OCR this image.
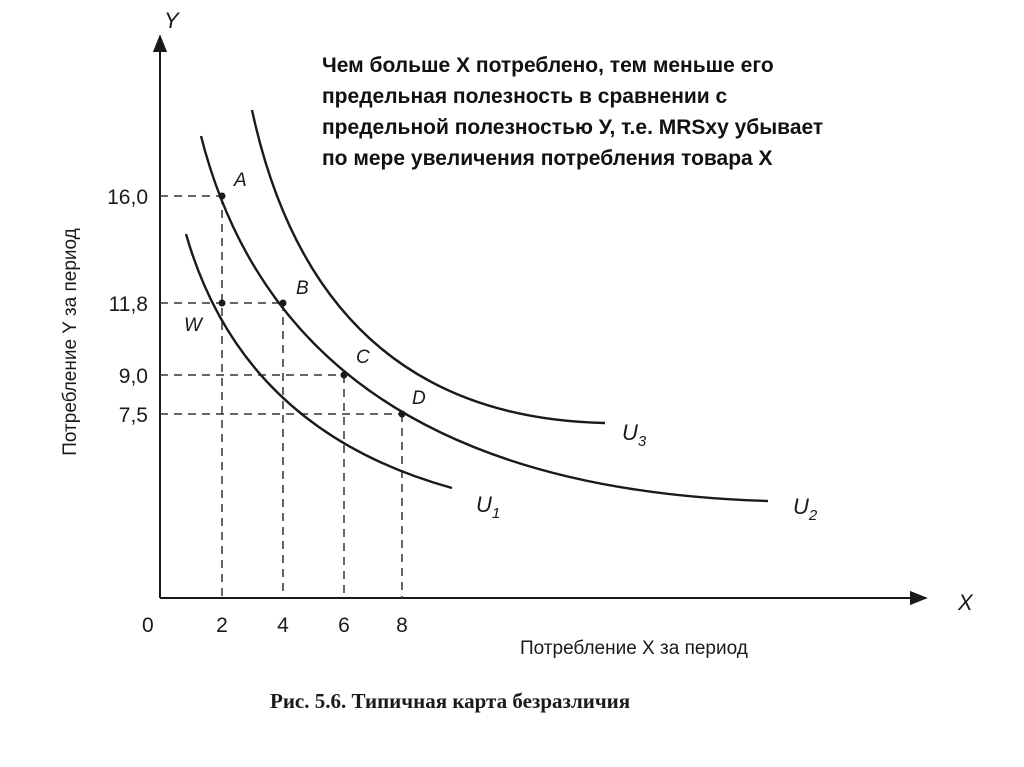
Чем больше X потреблено, тем меньше его
предельная полезность в сравнении с
предельной полезностью У, т.е. MRSxy убывает
по мере увеличения потребления товара X
Y
X
0
A
B
C
D
W
$U_1$	$U_2$
$U_3$
2 4 6 8
16,0
11,8
9,0
7,5
Потребление Y за период
Потребление X за период
Рис. 5.6. Типичная карта безразличия
